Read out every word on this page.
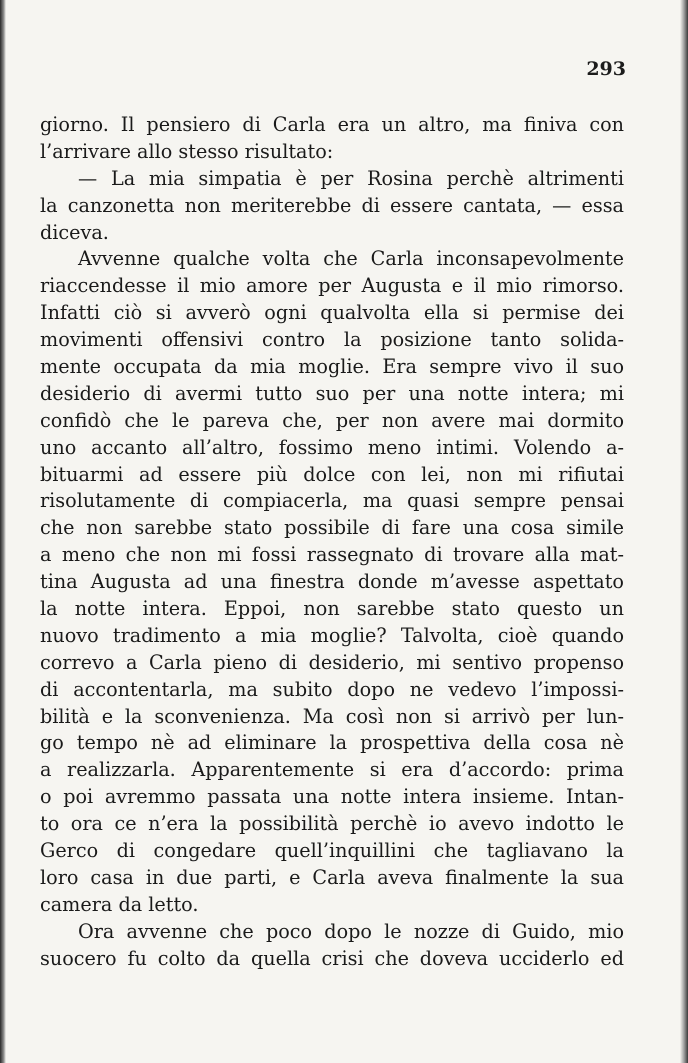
293
giorno. Il pensiero di Carla era un altro, ma finiva con
l’arrivare allo stesso risultato:
— La mia simpatia è per Rosina perchè altrimenti
la canzonetta non meriterebbe di essere cantata, — essa
diceva.
Avvenne qualche volta che Carla inconsapevolmente
riaccendesse il mio amore per Augusta e il mio rimorso.
Infatti ciò si avverò ogni qualvolta ella si permise dei
movimenti offensivi contro la posizione tanto solida-
mente occupata da mia moglie. Era sempre vivo il suo
desiderio di avermi tutto suo per una notte intera; mi
confidò che le pareva che, per non avere mai dormito
uno accanto all’altro, fossimo meno intimi. Volendo a-
bituarmi ad essere più dolce con lei, non mi rifiutai
risolutamente di compiacerla, ma quasi sempre pensai
che non sarebbe stato possibile di fare una cosa simile
a meno che non mi fossi rassegnato di trovare alla mat-
tina Augusta ad una finestra donde m’avesse aspettato
la notte intera. Eppoi, non sarebbe stato questo un
nuovo tradimento a mia moglie? Talvolta, cioè quando
correvo a Carla pieno di desiderio, mi sentivo propenso
di accontentarla, ma subito dopo ne vedevo l’impossi-
bilità e la sconvenienza. Ma così non si arrivò per lun-
go tempo nè ad eliminare la prospettiva della cosa nè
a realizzarla. Apparentemente si era d’accordo: prima
o poi avremmo passata una notte intera insieme. Intan-
to ora ce n’era la possibilità perchè io avevo indotto le
Gerco di congedare quell’inquillini che tagliavano la
loro casa in due parti, e Carla aveva finalmente la sua
camera da letto.
Ora avvenne che poco dopo le nozze di Guido, mio
suocero fu colto da quella crisi che doveva ucciderlo ed
